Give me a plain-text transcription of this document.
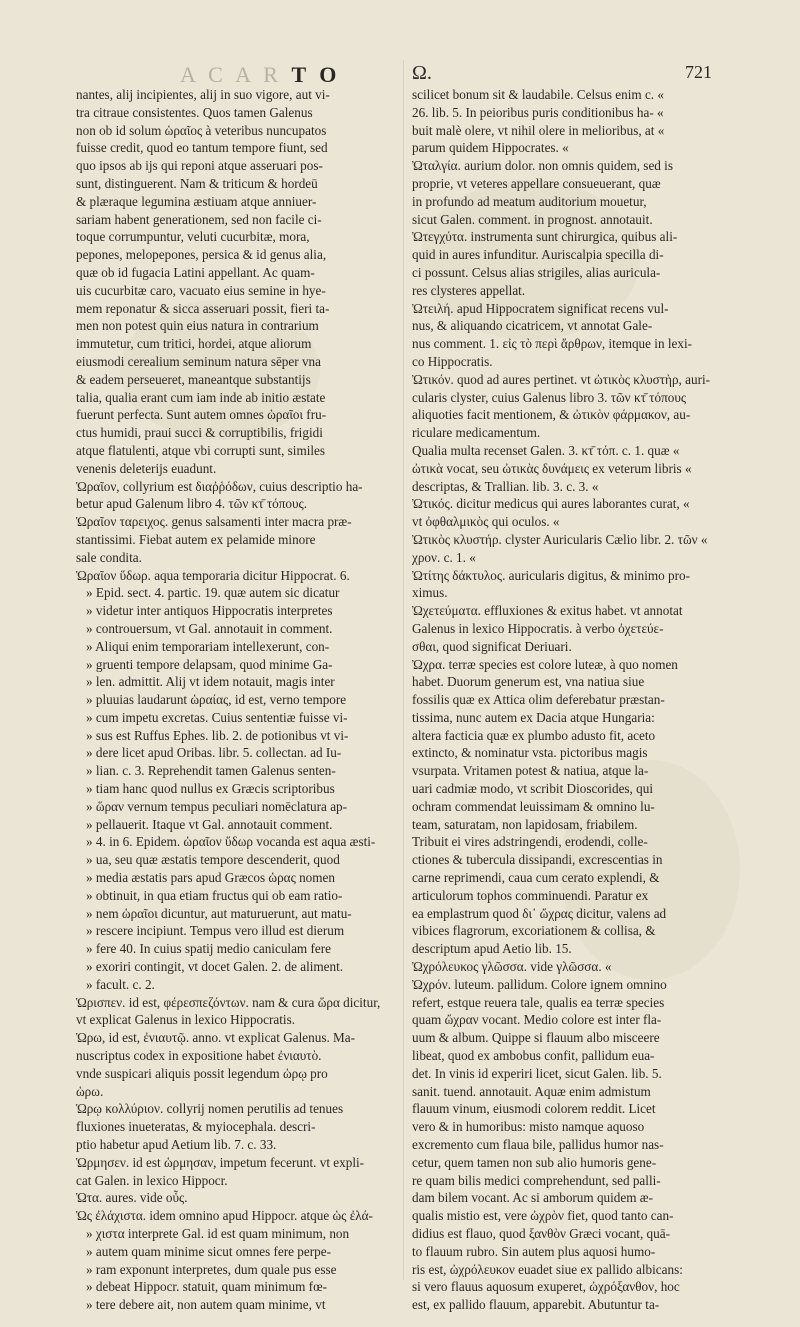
A C A R T O	Ω.	721

nantes, alij incipientes, alij in suo vigore, aut vi-

tra citraue consistentes. Quos tamen Galenus

non ob id solum ὡραῖος à veteribus nuncupatos

fuisse credit, quod eo tantum tempore fiunt, sed

quo ipsos ab ijs qui reponi atque asseruari pos-

sunt, distinguerent. Nam & triticum & hordeū

& plæraque legumina æstiuam atque anniuer-

sariam habent generationem, sed non facile ci-

toque corrumpuntur, veluti cucurbitæ, mora,

pepones, melopepones, persica & id genus alia,

quæ ob id fugacia Latini appellant. Ac quam-

uis cucurbitæ caro, vacuato eius semine in hye-

mem reponatur & sicca asseruari possit, fieri ta-

men non potest quin eius natura in contrarium

immutetur, cum tritici, hordei, atque aliorum

eiusmodi cerealium seminum natura sēper vna

& eadem perseueret, maneantque substantijs

talia, qualia erant cum iam inde ab initio æstate

fuerunt perfecta. Sunt autem omnes ὡραῖοι fru-

ctus humidi, praui succi & corruptibilis, frigidi

atque flatulenti, atque vbi corrupti sunt, similes

venenis deleterijs euadunt.

Ὡραῖον, collyrium est διαῤῥόδων, cuius descriptio ha-

betur apud Galenum libro 4. τῶν κτ̄ τόπους.

Ὡραῖον ταρειχος. genus salsamenti inter macra præ-

stantissimi. Fiebat autem ex pelamide minore

sale condita.

Ὡραῖον ὕδωρ. aqua temporaria dicitur Hippocrat. 6.

» Epid. sect. 4. partic. 19. quæ autem sic dicatur

» videtur inter antiquos Hippocratis interpretes

» controuersum, vt Gal. annotauit in comment.

» Aliqui enim temporariam intellexerunt, con-

» gruenti tempore delapsam, quod minime Ga-

» len. admittit. Alij vt idem notauit, magis inter

» pluuias laudarunt ὡραίας, id est, verno tempore

» cum impetu excretas. Cuius sententiæ fuisse vi-

» sus est Ruffus Ephes. lib. 2. de potionibus vt vi-

» dere licet apud Oribas. libr. 5. collectan. ad Iu-

» lian. c. 3. Reprehendit tamen Galenus senten-

» tiam hanc quod nullus ex Græcis scriptoribus

» ὥραν vernum tempus peculiari nomēclatura ap-

» pellauerit. Itaque vt Gal. annotauit comment.

» 4. in 6. Epidem. ὡραῖον ὕδωρ vocanda est aqua æsti-

» ua, seu quæ æstatis tempore descenderit, quod

» media æstatis pars apud Græcos ὡρας nomen

» obtinuit, in qua etiam fructus qui ob eam ratio-

» nem ὡραῖοι dicuntur, aut maturuerunt, aut matu-

» rescere incipiunt. Tempus vero illud est dierum

» fere 40. In cuius spatij medio caniculam fere

» exoriri contingit, vt docet Galen. 2. de aliment.

» facult. c. 2.

Ὡρισπεν. id est, φέρεσπεζόντων. nam & cura ὥρα dicitur,

vt explicat Galenus in lexico Hippocratis.

Ὡρω, id est, ἐνιαυτῷ. anno. vt explicat Galenus. Ma-

nuscriptus codex in expositione habet ἐνιαυτὸ.

vnde suspicari aliquis possit legendum ὡρῳ pro

ὡρω.

Ὡρῳ κολλύριον. collyrij nomen perutilis ad tenues

fluxiones inueteratas, & myiocephala. descri-

ptio habetur apud Aetium lib. 7. c. 33.

Ὡρμησεν. id est ὡρμησαν, impetum fecerunt. vt expli-

cat Galen. in lexico Hippocr.

Ὡτα. aures. vide οὖς.

Ὡς ἐλάχιστα. idem omnino apud Hippocr. atque ὡς ἐλά-

» χιστα interprete Gal. id est quam minimum, non

» autem quam minime sicut omnes fere perpe-

» ram exponunt interpretes, dum quale pus esse

» debeat Hippocr. statuit, quam minimum fœ-

» tere debere ait, non autem quam minime, vt

scilicet bonum sit & laudabile. Celsus enim c. «

26. lib. 5. In peioribus puris conditionibus ha- «

buit malè olere, vt nihil olere in melioribus, at «

parum quidem Hippocrates. «

Ὠταλγία. aurium dolor. non omnis quidem, sed is

proprie, vt veteres appellare consueuerant, quæ

in profundo ad meatum auditorium mouetur,

sicut Galen. comment. in prognost. annotauit.

Ὠτεγχύτα. instrumenta sunt chirurgica, quibus ali-

quid in aures infunditur. Auriscalpia specilla di-

ci possunt. Celsus alias strigiles, alias auricula-

res clysteres appellat.

Ὠτειλή. apud Hippocratem significat recens vul-

nus, & aliquando cicatricem, vt annotat Gale-

nus comment. 1. εἰς τὸ περὶ ἄρθρων, itemque in lexi-

co Hippocratis.

Ὠτικόν. quod ad aures pertinet. vt ὠτικὸς κλυστὴρ, auri-

cularis clyster, cuius Galenus libro 3. τῶν κτ̄ τόπους

aliquoties facit mentionem, & ὠτικὸν φάρμακον, au-

riculare medicamentum.

Qualia multa recenset Galen. 3. κτ̄ τόπ. c. 1. quæ «

ὠτικὰ vocat, seu ὠτικὰς δυνάμεις ex veterum libris «

descriptas, & Trallian. lib. 3. c. 3. «

Ὠτικός. dicitur medicus qui aures laborantes curat, «

vt ὀφθαλμικὸς qui oculos. «

Ὠτικὸς κλυστήρ. clyster Auricularis Cælio libr. 2. τῶν «

χρον. c. 1. «

Ὠτίτης δάκτυλος. auricularis digitus, & minimo pro-

ximus.

Ὠχετεύματα. effluxiones & exitus habet. vt annotat

Galenus in lexico Hippocratis. à verbo ὀχετεύε-

σθαι, quod significat Deriuari.

Ὠχρα. terræ species est colore luteæ, à quo nomen

habet. Duorum generum est, vna natiua siue

fossilis quæ ex Attica olim deferebatur præstan-

tissima, nunc autem ex Dacia atque Hungaria:

altera facticia quæ ex plumbo adusto fit, aceto

extincto, & nominatur vsta. pictoribus magis

vsurpata. Vritamen potest & natiua, atque la-

uari cadmiæ modo, vt scribit Dioscorides, qui

ochram commendat leuissimam & omnino lu-

team, saturatam, non lapidosam, friabilem.

Tribuit ei vires adstringendi, erodendi, colle-

ctiones & tubercula dissipandi, excrescentias in

carne reprimendi, caua cum cerato explendi, &

articulorum tophos comminuendi. Paratur ex

ea emplastrum quod δι᾽ ὤχρας dicitur, valens ad

vibices flagrorum, excoriationem & collisa, &

descriptum apud Aetio lib. 15.

Ὠχρόλευκος γλῶσσα. vide γλῶσσα. «

Ὠχρόν. luteum. pallidum. Colore ignem omnino

refert, estque reuera tale, qualis ea terræ species

quam ὤχραν vocant. Medio colore est inter fla-

uum & album. Quippe si flauum albo misceere

libeat, quod ex ambobus confit, pallidum eua-

det. In vinis id experiri licet, sicut Galen. lib. 5.

sanit. tuend. annotauit. Aquæ enim admistum

flauum vinum, eiusmodi colorem reddit. Licet

vero & in humoribus: misto namque aquoso

excremento cum flaua bile, pallidus humor nas-

cetur, quem tamen non sub alio humoris gene-

re quam bilis medici comprehendunt, sed palli-

dam bilem vocant. Ac si amborum quidem æ-

qualis mistio est, vere ὠχρὸν fiet, quod tanto can-

didius est flauo, quod ξανθὸν Græci vocant, quā-

to flauum rubro. Sin autem plus aquosi humo-

ris est, ὠχρόλευκον euadet siue ex pallido albicans:

si vero flauus aquosum exuperet, ὠχρόξανθον, hoc

est, ex pallido flauum, apparebit. Abutuntur ta-
